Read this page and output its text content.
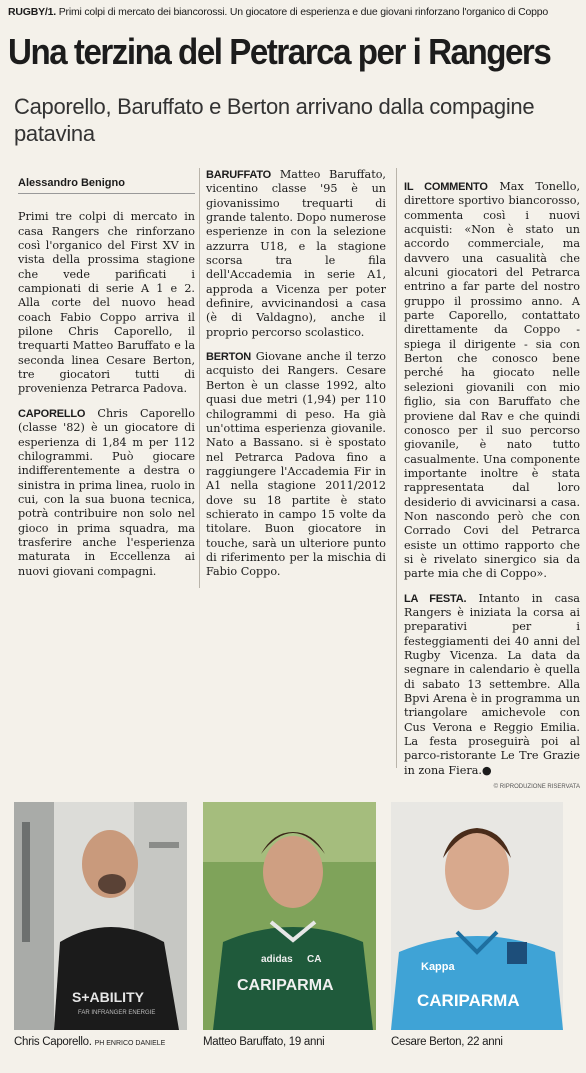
RUGBY/1. Primi colpi di mercato dei biancorossi. Un giocatore di esperienza e due giovani rinforzano l'organico di Coppo
Una terzina del Petrarca per i Rangers
Caporello, Baruffato e Berton arrivano dalla compagine patavina
Alessandro Benigno

Primi tre colpi di mercato in casa Rangers che rinforzano così l'organico del First XV in vista della prossima stagione che vede parificati i campionati di serie A 1 e 2. Alla corte del nuovo head coach Fabio Coppo arriva il pilone Chris Caporello, il trequarti Matteo Baruffato e la seconda linea Cesare Berton, tre giocatori tutti di provenienza Petrarca Padova.

CAPORELLO Chris Caporello (classe '82) è un giocatore di esperienza di 1,84 m per 112 chilogrammi. Può giocare indifferentemente a destra o sinistra in prima linea, ruolo in cui, con la sua buona tecnica, potrà contribuire non solo nel gioco in prima squadra, ma trasferire anche l'esperienza maturata in Eccellenza ai nuovi giovani compagni.

BARUFFATO Matteo Baruffato, vicentino classe '95 è un giovanissimo trequarti di grande talento. Dopo numerose esperienze in con la selezione azzurra U18, e la stagione scorsa tra le fila dell'Accademia in serie A1, approda a Vicenza per poter definire, avvicinandosi a casa (è di Valdagno), anche il proprio percorso scolastico.

BERTON Giovane anche il terzo acquisto dei Rangers. Cesare Berton è un classe 1992, alto quasi due metri (1,94) per 110 chilogrammi di peso. Ha già un'ottima esperienza giovanile. Nato a Bassano. si è spostato nel Petrarca Padova fino a raggiungere l'Accademia Fir in A1 nella stagione 2011/2012 dove su 18 partite è stato schierato in campo 15 volte da titolare. Buon giocatore in touche, sarà un ulteriore punto di riferimento per la mischia di Fabio Coppo.

IL COMMENTO Max Tonello, direttore sportivo biancorosso, commenta così i nuovi acquisti: «Non è stato un accordo commerciale, ma davvero una casualità che alcuni giocatori del Petrarca entrino a far parte del nostro gruppo il prossimo anno. A parte Caporello, contattato direttamente da Coppo - spiega il dirigente - sia con Berton che conosco bene perché ha giocato nelle selezioni giovanili con mio figlio, sia con Baruffato che proviene dal Rav e che quindi conosco per il suo percorso giovanile, è nato tutto casualmente. Una componente importante inoltre è stata rappresentata dal loro desiderio di avvicinarsi a casa. Non nascondo però che con Corrado Covi del Petrarca esiste un ottimo rapporto che si è rivelato sinergico sia da parte mia che di Coppo».

LA FESTA. Intanto in casa Rangers è iniziata la corsa ai preparativi per i festeggiamenti dei 40 anni del Rugby Vicenza. La data da segnare in calendario è quella di sabato 13 settembre. Alla Bpvi Arena è in programma un triangolare amichevole con Cus Verona e Reggio Emilia. La festa proseguirà poi al parco-ristorante Le Tre Grazie in zona Fiera.●

© RIPRODUZIONE RISERVATA
S+ABILITY
FAR INFRANGER ENERGIE
adidas CA
CARIPARMA
Kappa
CARIPARMA
Chris Caporello. PH ENRICO DANIELE	Matteo Baruffato, 19 anni	Cesare Berton, 22 anni
